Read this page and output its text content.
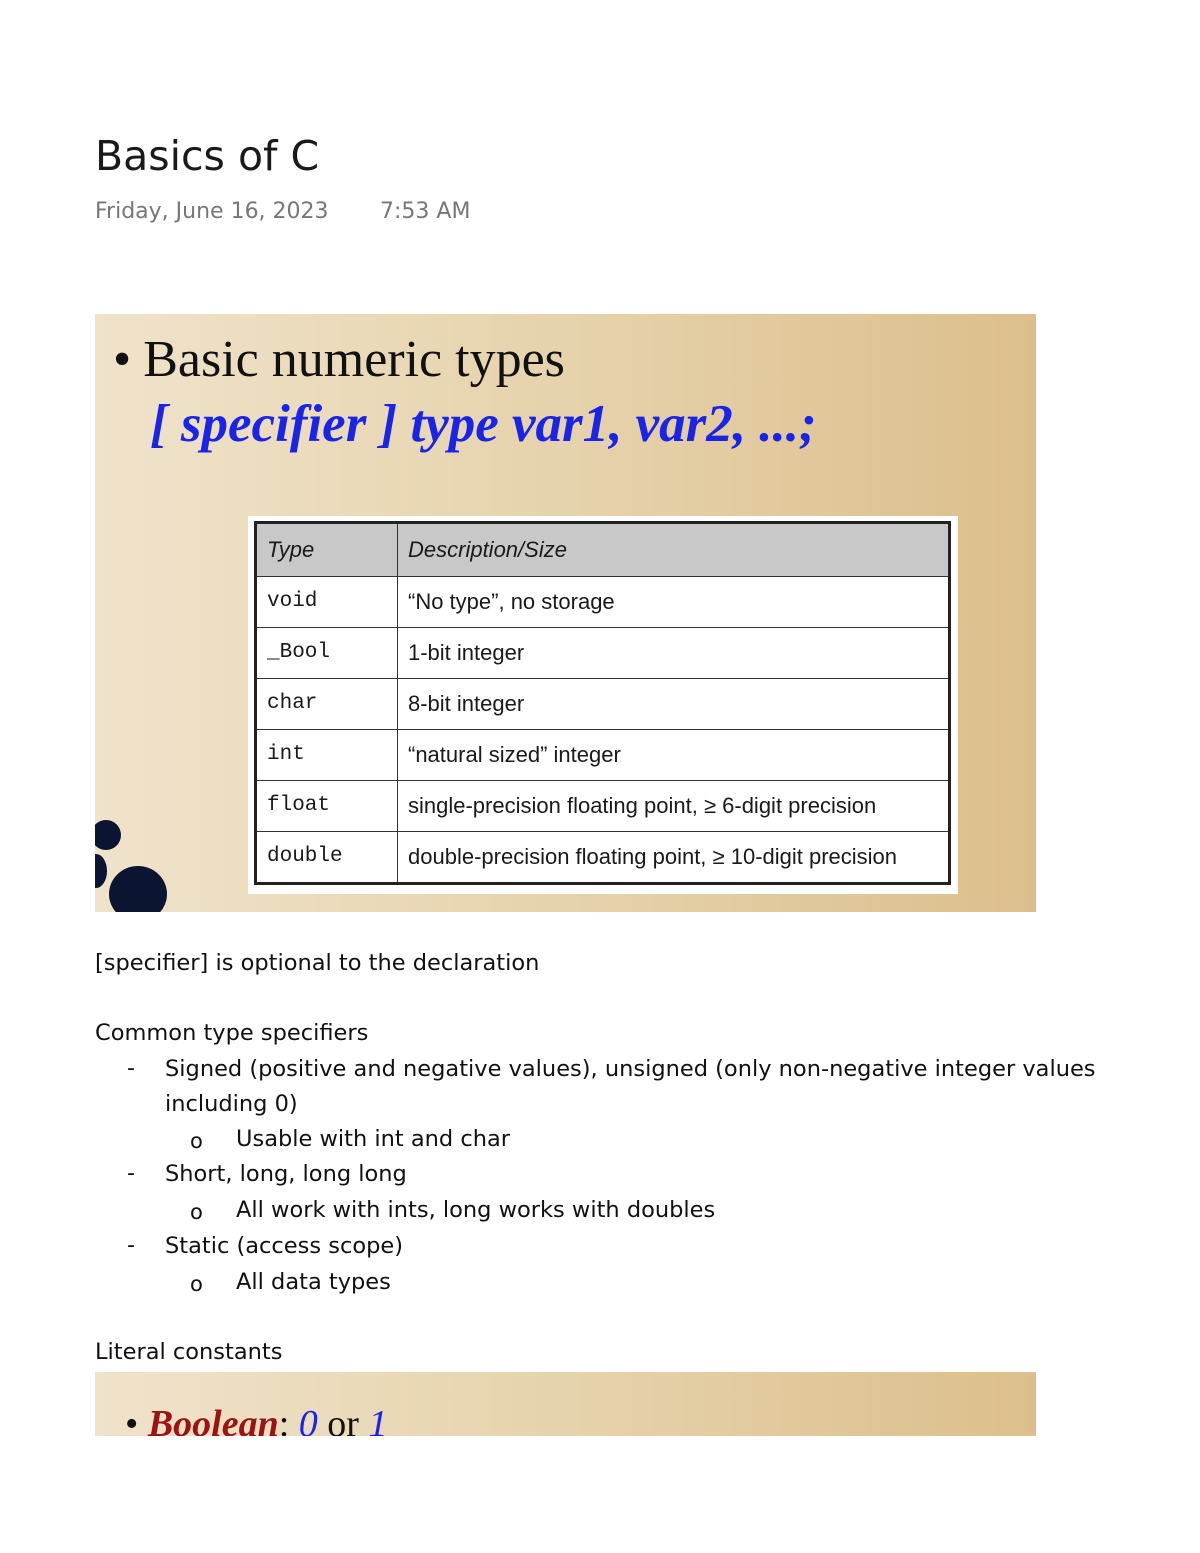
Basics of C
Friday, June 16, 2023 7:53 AM
• Basic numeric types
[ specifier ] type var1, var2, ...;
Type	Description/Size
void	“No type”, no storage
_Bool	1-bit integer
char	8-bit integer
int	“natural sized” integer
float	single-precision floating point, ≥ 6-digit precision
double	double-precision floating point, ≥ 10-digit precision
[specifier] is optional to the declaration
Common type specifiers
- Signed (positive and negative values), unsigned (only non-negative integer values
including 0)
o Usable with int and char
- Short, long, long long
o All work with ints, long works with doubles
- Static (access scope)
o All data types
Literal constants
• Boolean: 0 or 1
